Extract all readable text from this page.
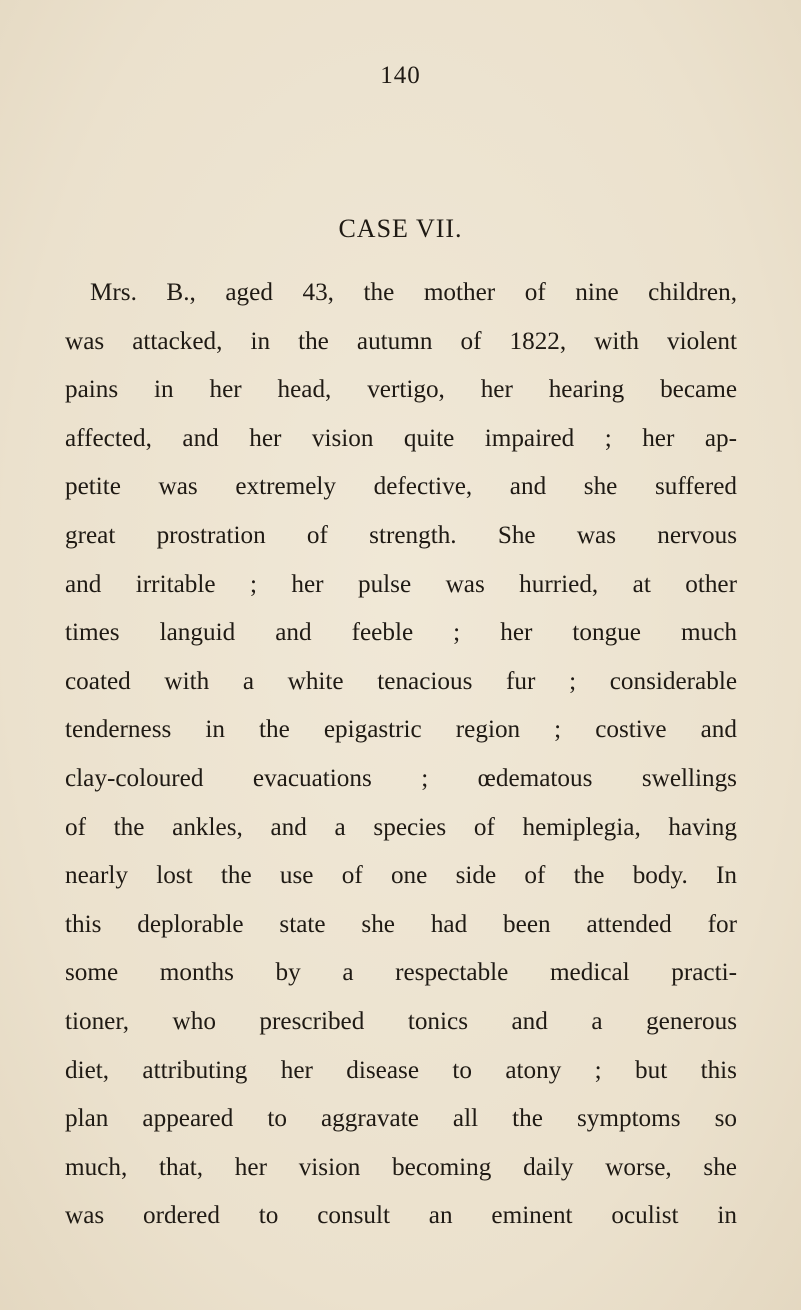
140
CASE VII.
Mrs. B., aged 43, the mother of nine children,
was attacked, in the autumn of 1822, with violent
pains in her head, vertigo, her hearing became
affected, and her vision quite impaired ; her ap-
petite was extremely defective, and she suffered
great prostration of strength. She was nervous
and irritable ; her pulse was hurried, at other
times languid and feeble ; her tongue much
coated with a white tenacious fur ; considerable
tenderness in the epigastric region ; costive and
clay-coloured evacuations ; œdematous swellings
of the ankles, and a species of hemiplegia, having
nearly lost the use of one side of the body. In
this deplorable state she had been attended for
some months by a respectable medical practi-
tioner, who prescribed tonics and a generous
diet, attributing her disease to atony ; but this
plan appeared to aggravate all the symptoms so
much, that, her vision becoming daily worse, she
was ordered to consult an eminent oculist in
